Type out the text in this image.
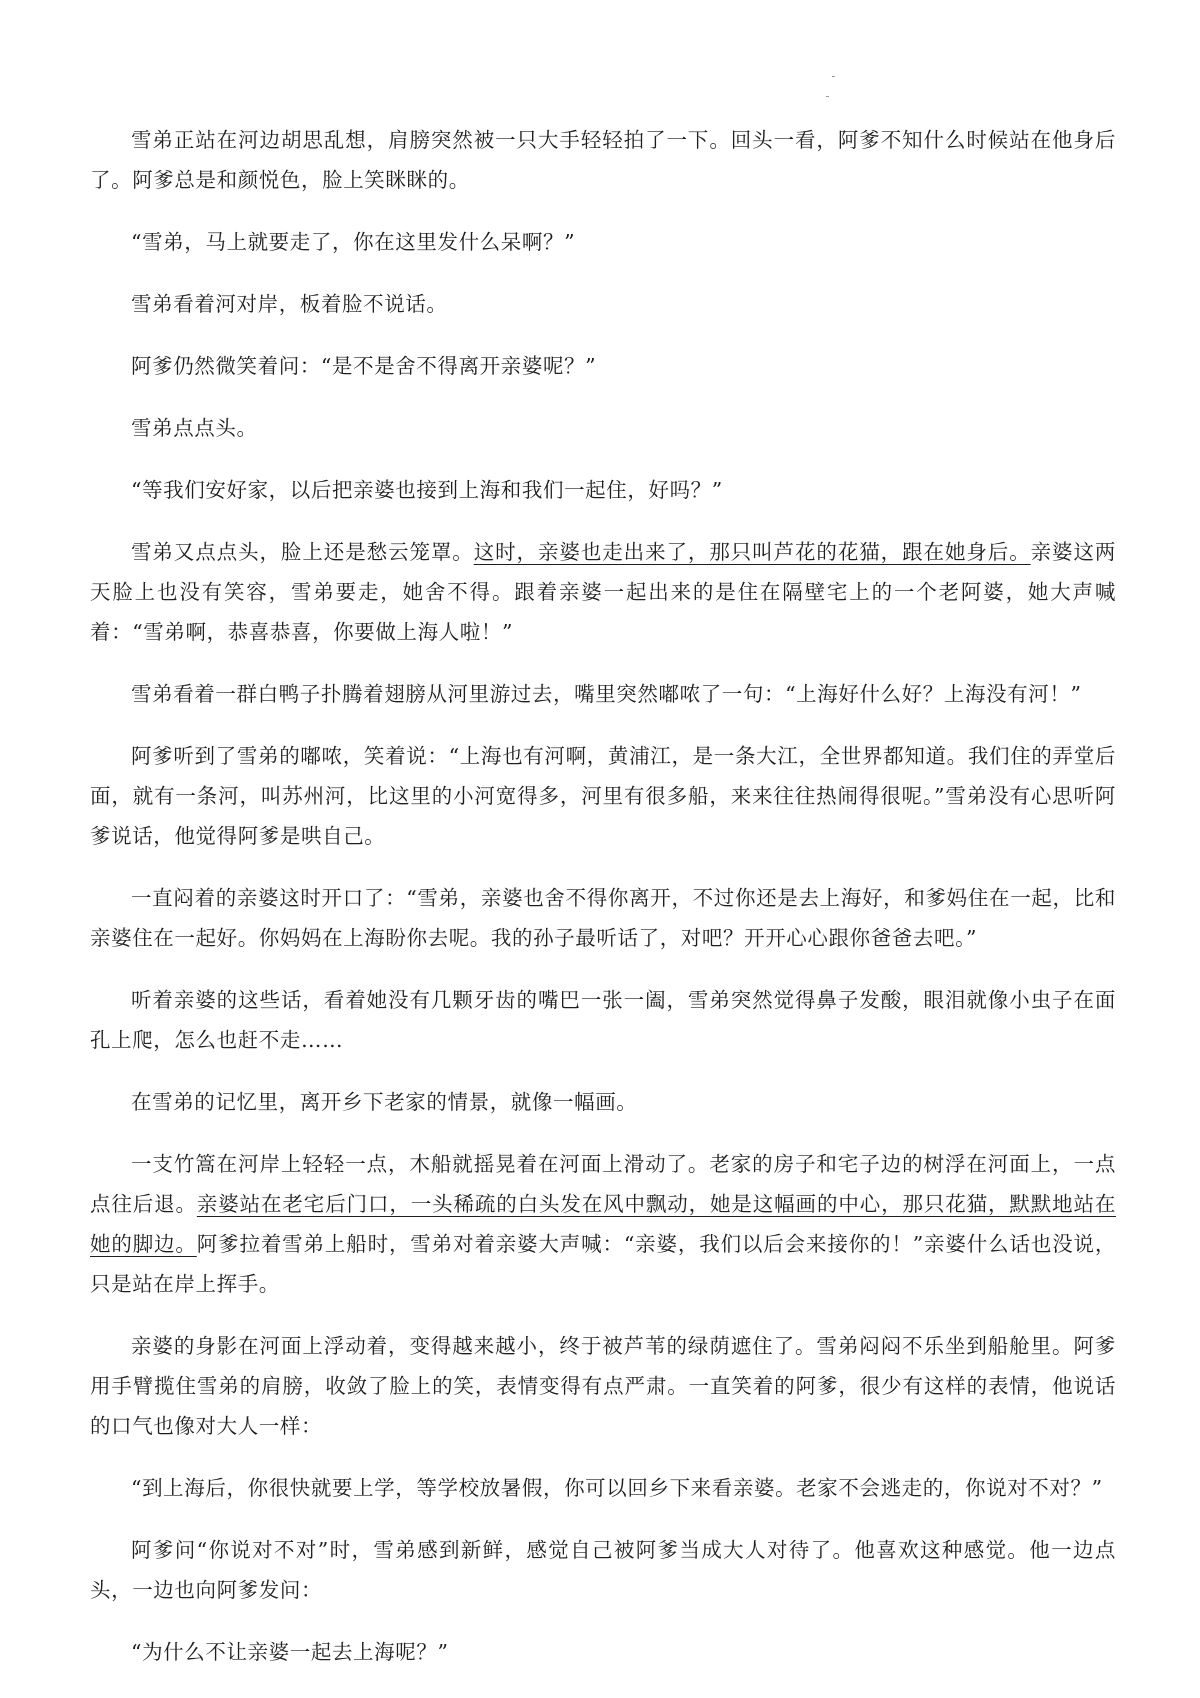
雪弟正站在河边胡思乱想，肩膀突然被一只大手轻轻拍了一下。回头一看，阿爹不知什么时候站在他身后了。阿爹总是和颜悦色，脸上笑眯眯的。

“雪弟，马上就要走了，你在这里发什么呆啊？”

雪弟看着河对岸，板着脸不说话。

阿爹仍然微笑着问：“是不是舍不得离开亲婆呢？”

雪弟点点头。

“等我们安好家，以后把亲婆也接到上海和我们一起住，好吗？”

雪弟又点点头，脸上还是愁云笼罩。这时，亲婆也走出来了，那只叫芦花的花猫，跟在她身后。亲婆这两天脸上也没有笑容，雪弟要走，她舍不得。跟着亲婆一起出来的是住在隔壁宅上的一个老阿婆，她大声喊着：“雪弟啊，恭喜恭喜，你要做上海人啦！”

雪弟看着一群白鸭子扑腾着翅膀从河里游过去，嘴里突然嘟哝了一句：“上海好什么好？上海没有河！”

阿爹听到了雪弟的嘟哝，笑着说：“上海也有河啊，黄浦江，是一条大江，全世界都知道。我们住的弄堂后面，就有一条河，叫苏州河，比这里的小河宽得多，河里有很多船，来来往往热闹得很呢。”雪弟没有心思听阿爹说话，他觉得阿爹是哄自己。

一直闷着的亲婆这时开口了：“雪弟，亲婆也舍不得你离开，不过你还是去上海好，和爹妈住在一起，比和亲婆住在一起好。你妈妈在上海盼你去呢。我的孙子最听话了，对吧？开开心心跟你爸爸去吧。”

听着亲婆的这些话，看着她没有几颗牙齿的嘴巴一张一阖，雪弟突然觉得鼻子发酸，眼泪就像小虫子在面孔上爬，怎么也赶不走……

在雪弟的记忆里，离开乡下老家的情景，就像一幅画。

一支竹篙在河岸上轻轻一点，木船就摇晃着在河面上滑动了。老家的房子和宅子边的树浮在河面上，一点点往后退。亲婆站在老宅后门口，一头稀疏的白头发在风中飘动，她是这幅画的中心，那只花猫，默默地站在她的脚边。阿爹拉着雪弟上船时，雪弟对着亲婆大声喊：“亲婆，我们以后会来接你的！”亲婆什么话也没说，只是站在岸上挥手。

亲婆的身影在河面上浮动着，变得越来越小，终于被芦苇的绿荫遮住了。雪弟闷闷不乐坐到船舱里。阿爹用手臂揽住雪弟的肩膀，收敛了脸上的笑，表情变得有点严肃。一直笑着的阿爹，很少有这样的表情，他说话的口气也像对大人一样：

“到上海后，你很快就要上学，等学校放暑假，你可以回乡下来看亲婆。老家不会逃走的，你说对不对？”

阿爹问“你说对不对”时，雪弟感到新鲜，感觉自己被阿爹当成大人对待了。他喜欢这种感觉。他一边点头，一边也向阿爹发问：

“为什么不让亲婆一起去上海呢？”
